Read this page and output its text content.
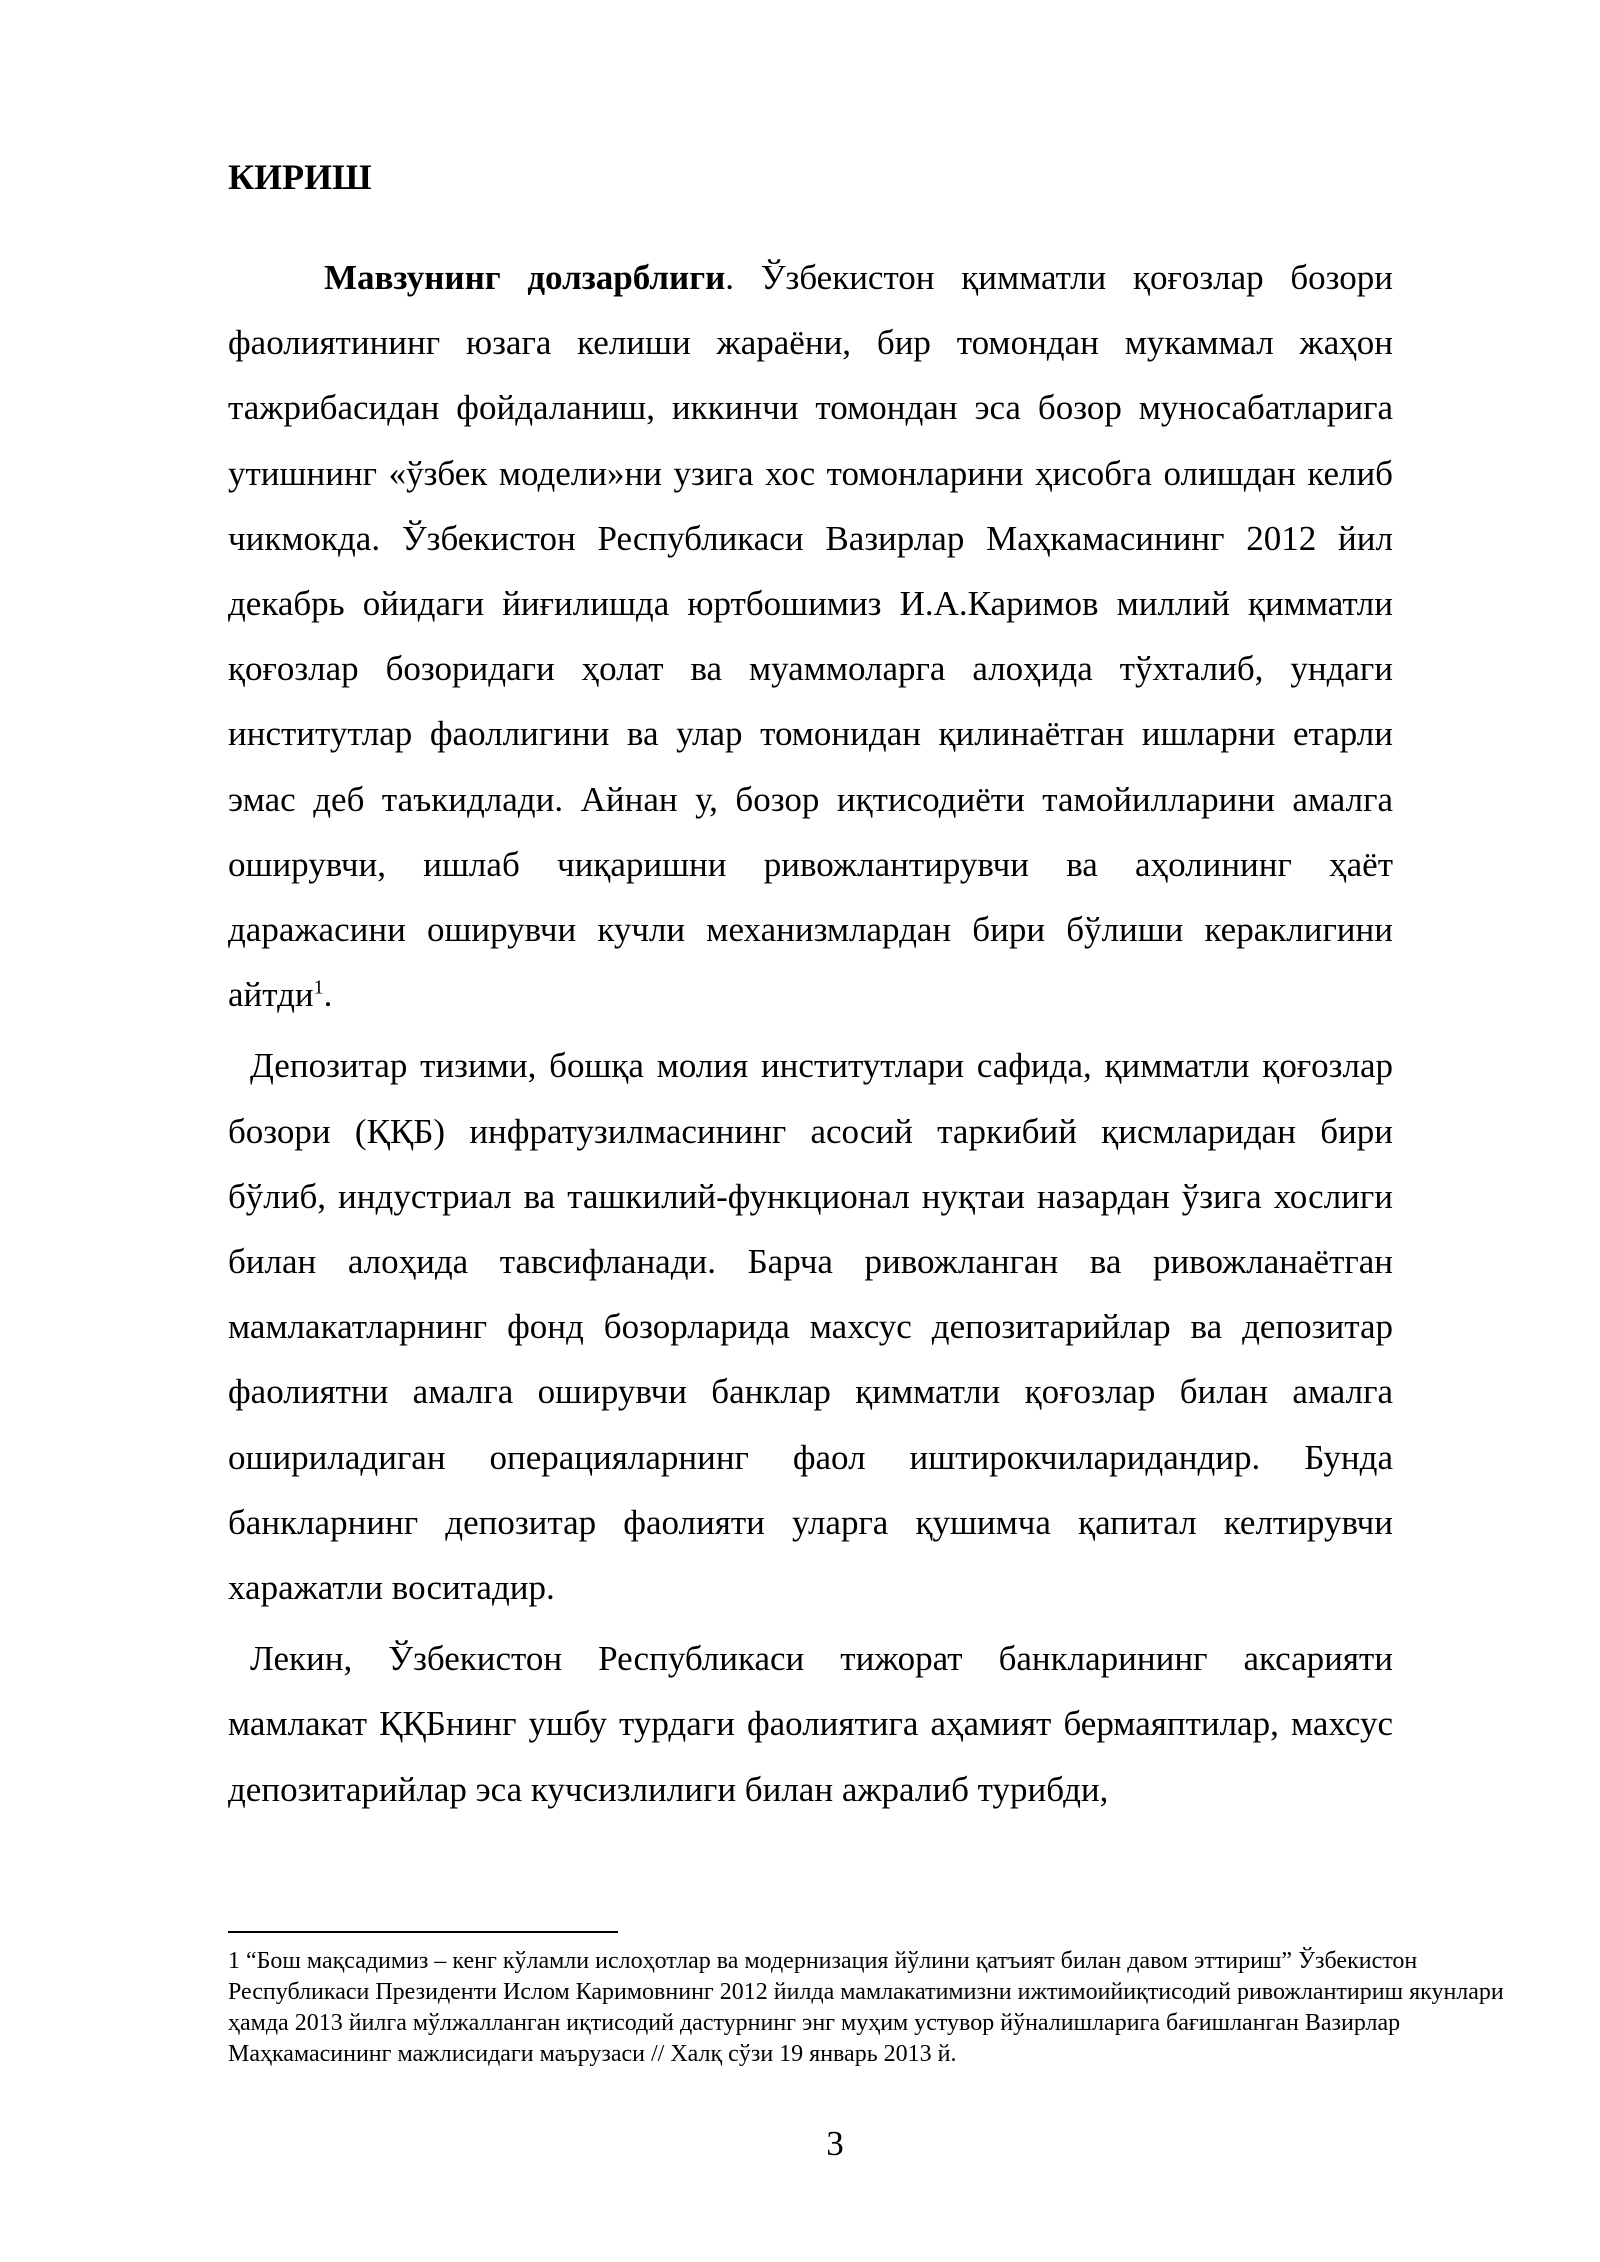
КИРИШ

Мавзунинг долзарблиги. Ўзбекистон қимматли қоғозлар бозори фаолиятининг юзага келиши жараёни, бир томондан мукаммал жаҳон тажрибасидан фойдаланиш, иккинчи томондан эса бозор муносабатларига утишнинг «ўзбек модели»ни узига хос томонларини ҳисобга олишдан келиб чикмокда. Ўзбекистон Республикаси Вазирлар Маҳкамасининг 2012 йил декабрь ойидаги йиғилишда юртбошимиз И.А.Каримов миллий қимматли қоғозлар бозоридаги ҳолат ва муаммоларга алоҳида тўхталиб, ундаги институтлар фаоллигини ва улар томонидан қилинаётган ишларни етарли эмас деб таъкидлади. Айнан у, бозор иқтисодиёти тамойилларини амалга оширувчи, ишлаб чиқаришни ривожлантирувчи ва аҳолининг ҳаёт даражасини оширувчи кучли механизмлардан бири бўлиши кераклигини айтди$^1$.

Депозитар тизими, бошқа молия институтлари сафида, қимматли қоғозлар бозори (ҚҚБ) инфратузилмасининг асосий таркибий қисмларидан бири бўлиб, индустриал ва ташкилий-функционал нуқтаи назардан ўзига хослиги билан алоҳида тавсифланади. Барча ривожланган ва ривожланаётган мамлакатларнинг фонд бозорларида махсус депозитарийлар ва депозитар фаолиятни амалга оширувчи банклар қимматли қоғозлар билан амалга ошириладиган операцияларнинг фаол иштирокчиларидандир. Бунда банкларнинг депозитар фаолияти уларга қушимча қапитал келтирувчи харажатли воситадир.

Лекин, Ўзбекистон Республикаси тижорат банкларининг аксарияти мамлакат ҚҚБнинг ушбу турдаги фаолиятига аҳамият бермаяптилар, махсус депозитарийлар эса кучсизлилиги билан ажралиб турибди,

1 “Бош мақсадимиз – кенг кўламли ислоҳотлар ва модернизация йўлини қатъият билан давом эттириш” Ўзбекистон Республикаси Президенти Ислом Каримовнинг 2012 йилда мамлакатимизни ижтимоийиқтисодий ривожлантириш якунлари ҳамда 2013 йилга мўлжалланган иқтисодий дастурнинг энг муҳим устувор йўналишларига бағишланган Вазирлар Маҳкамасининг мажлисидаги маърузаси // Халқ сўзи 19 январь 2013 й.

3
